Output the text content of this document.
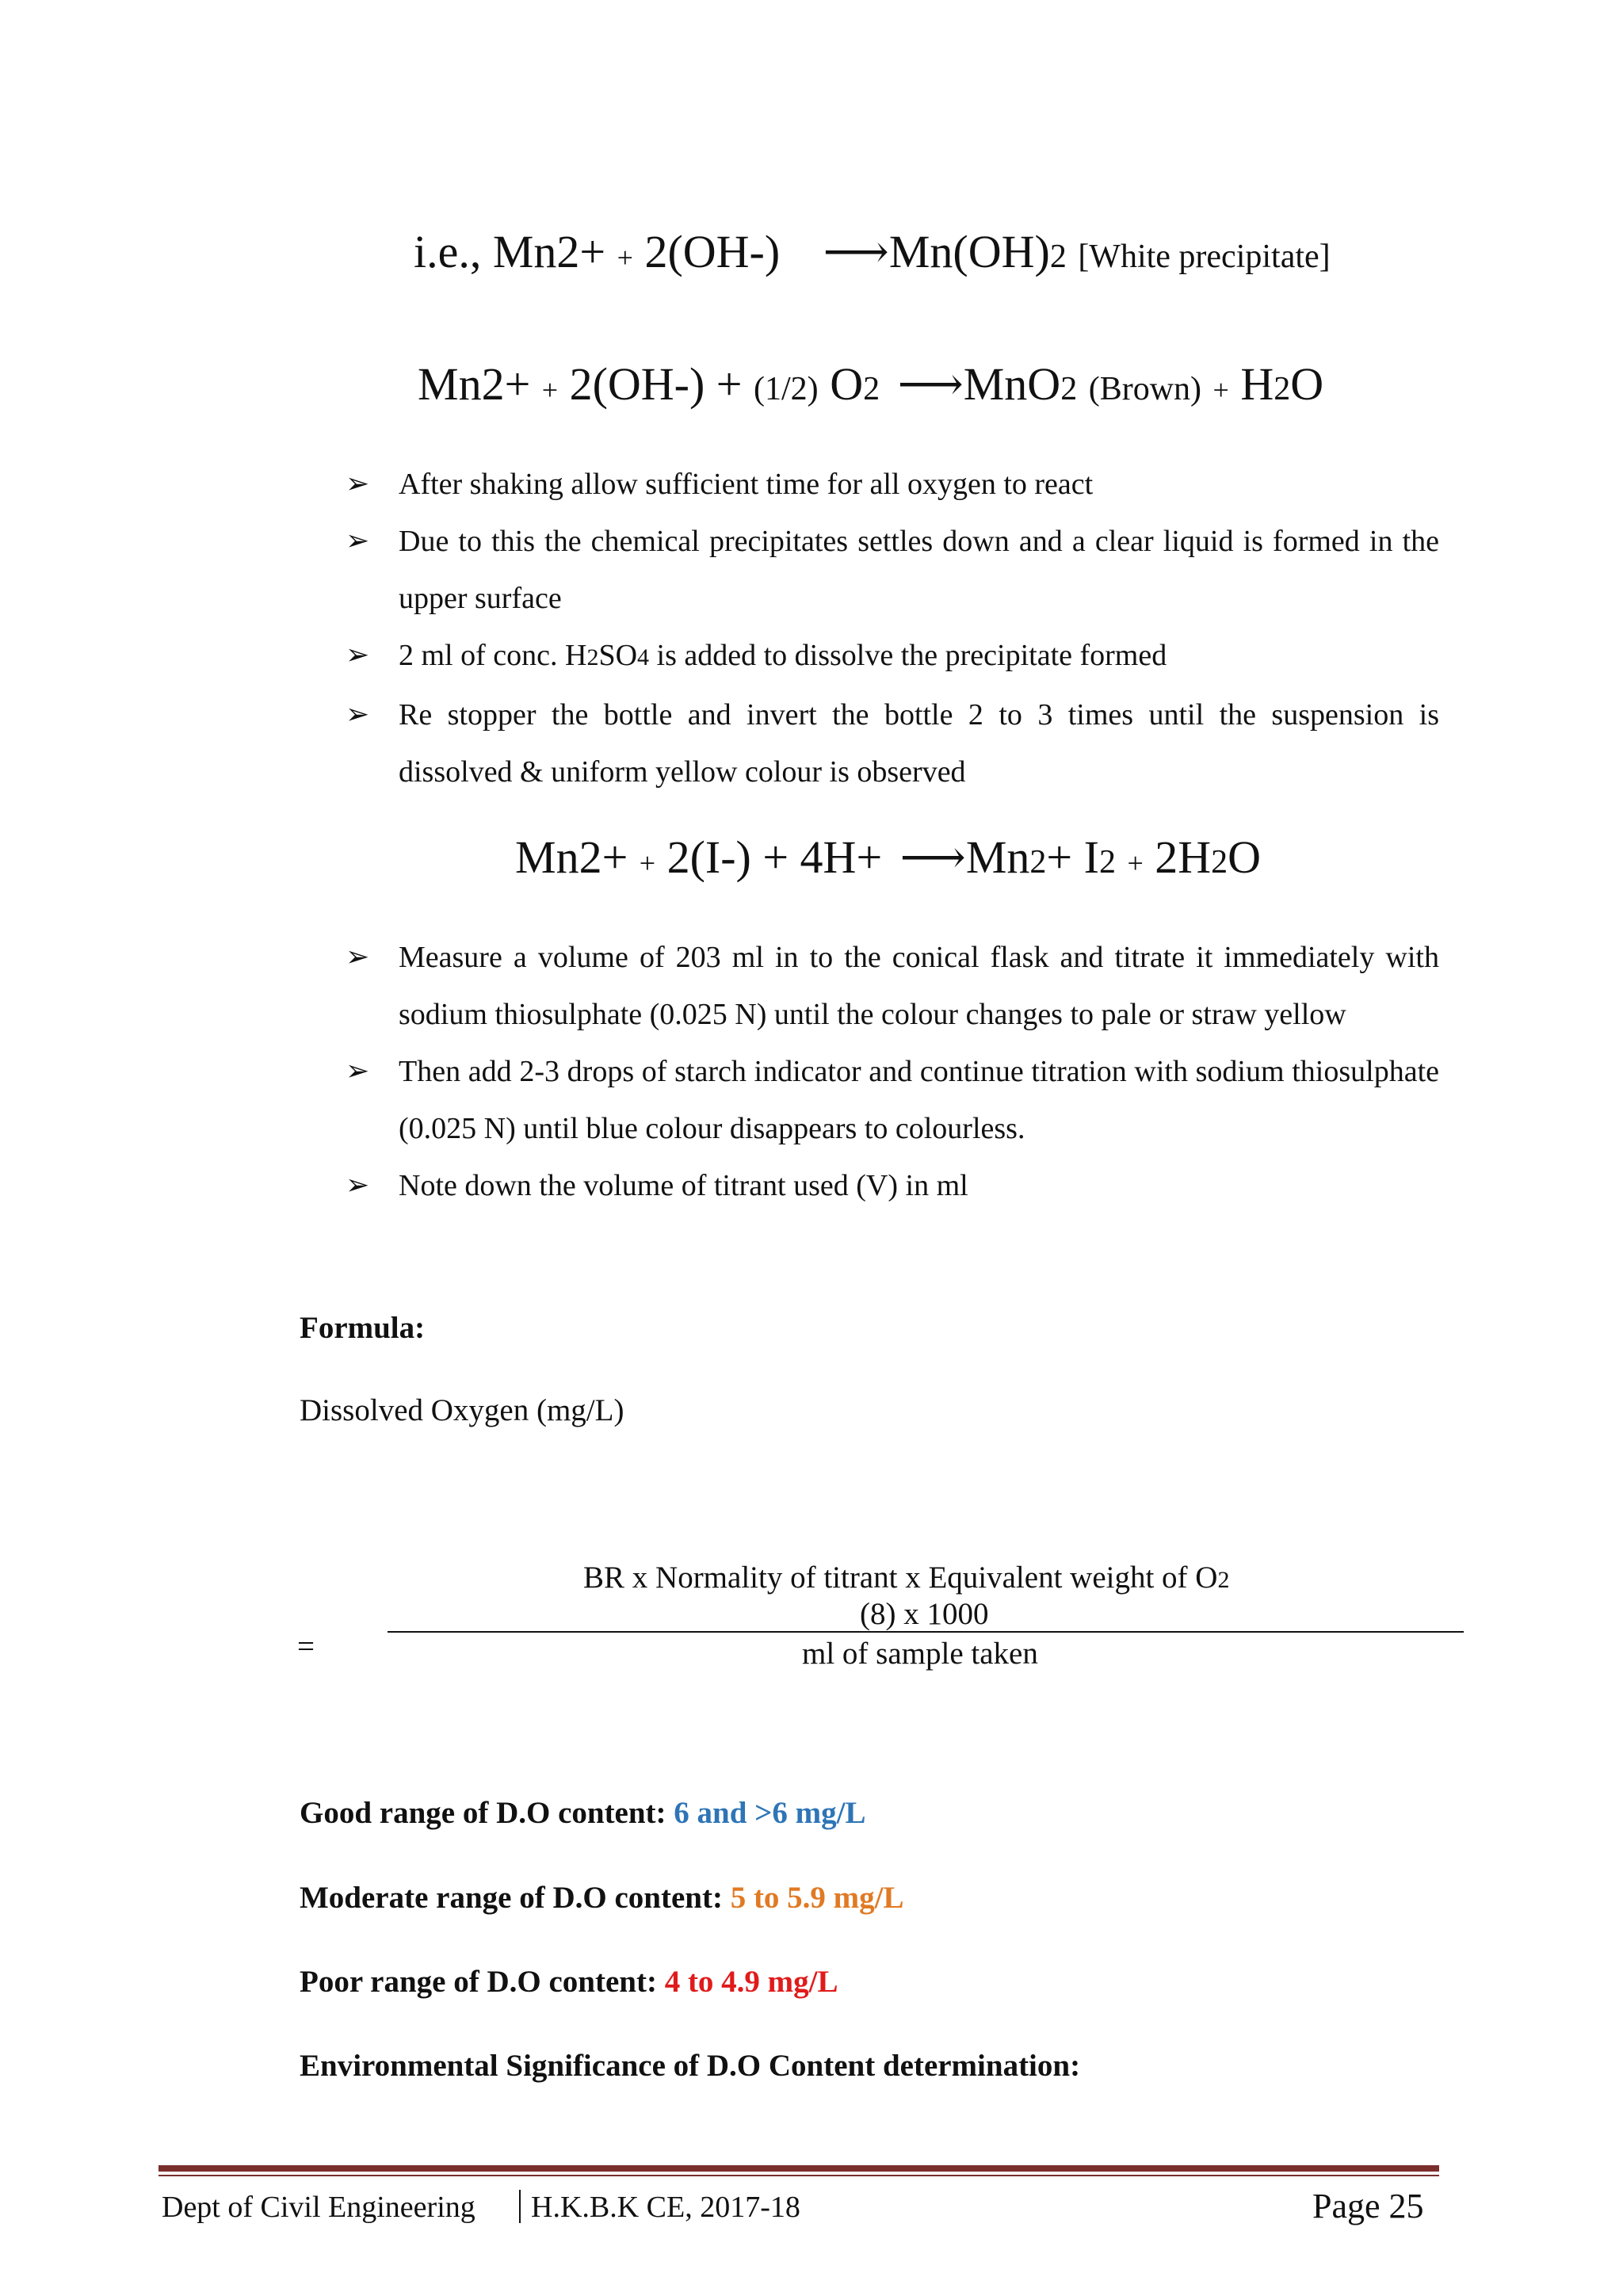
i.e., Mn2+ + 2(OH-) ⟶Mn(OH)2 [White precipitate]
Mn2+ + 2(OH-) + (1/2) O2 ⟶MnO2 (Brown) + H2O
➢ After shaking allow sufficient time for all oxygen to react
➢ Due to this the chemical precipitates settles down and a clear liquid is formed in the upper surface
➢ 2 ml of conc. H2SO4 is added to dissolve the precipitate formed
➢ Re stopper the bottle and invert the bottle 2 to 3 times until the suspension is dissolved & uniform yellow colour is observed
Mn2+ + 2(I-) + 4H+ ⟶Mn2+ I2 + 2H2O
➢ Measure a volume of 203 ml in to the conical flask and titrate it immediately with sodium thiosulphate (0.025 N) until the colour changes to pale or straw yellow
➢ Then add 2-3 drops of starch indicator and continue titration with sodium thiosulphate (0.025 N) until blue colour disappears to colourless.
➢ Note down the volume of titrant used (V) in ml
Formula:
Dissolved Oxygen (mg/L)
BR x Normality of titrant x Equivalent weight of O2
(8) x 1000
=	ml of sample taken
Good range of D.O content: 6 and >6 mg/L
Moderate range of D.O content: 5 to 5.9 mg/L
Poor range of D.O content: 4 to 4.9 mg/L
Environmental Significance of D.O Content determination:
Dept of Civil Engineering H.K.B.K CE, 2017-18	Page 25
